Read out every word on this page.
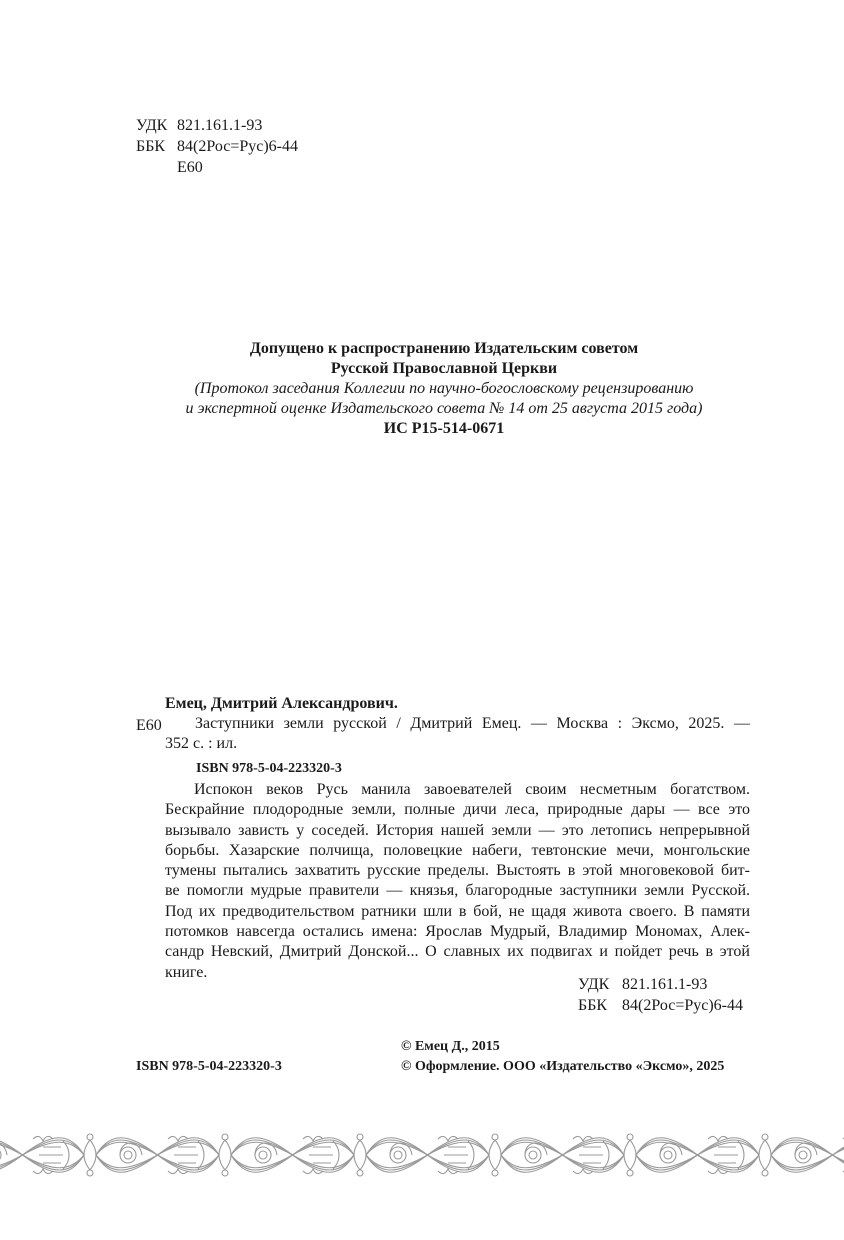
УДК 821.161.1-93
ББК 84(2Рос=Рус)6-44
Е60
Допущено к распространению Издательским советом
Русской Православной Церкви
(Протокол заседания Коллегии по научно-богословскому рецензированию
и экспертной оценке Издательского совета № 14 от 25 августа 2015 года)
ИС Р15-514-0671
Емец, Дмитрий Александрович.
Е60 Заступники земли русской / Дмитрий Емец. — Москва : Эксмо, 2025. —
352 с. : ил.
ISBN 978-5-04-223320-3
Испокон веков Русь манила завоевателей своим несметным богатством.
Бескрайние плодородные земли, полные дичи леса, природные дары — все это
вызывало зависть у соседей. История нашей земли — это летопись непрерывной
борьбы. Хазарские полчища, половецкие набеги, тевтонские мечи, монгольские
тумены пытались захватить русские пределы. Выстоять в этой многовековой бит-
ве помогли мудрые правители — князья, благородные заступники земли Русской.
Под их предводительством ратники шли в бой, не щадя живота своего. В памяти
потомков навсегда остались имена: Ярослав Мудрый, Владимир Мономах, Алек-
сандр Невский, Дмитрий Донской... О славных их подвигах и пойдет речь в этой
книге.
УДК 821.161.1-93
ББК 84(2Рос=Рус)6-44
© Емец Д., 2015
ISBN 978-5-04-223320-3	© Оформление. ООО «Издательство «Эксмо», 2025
